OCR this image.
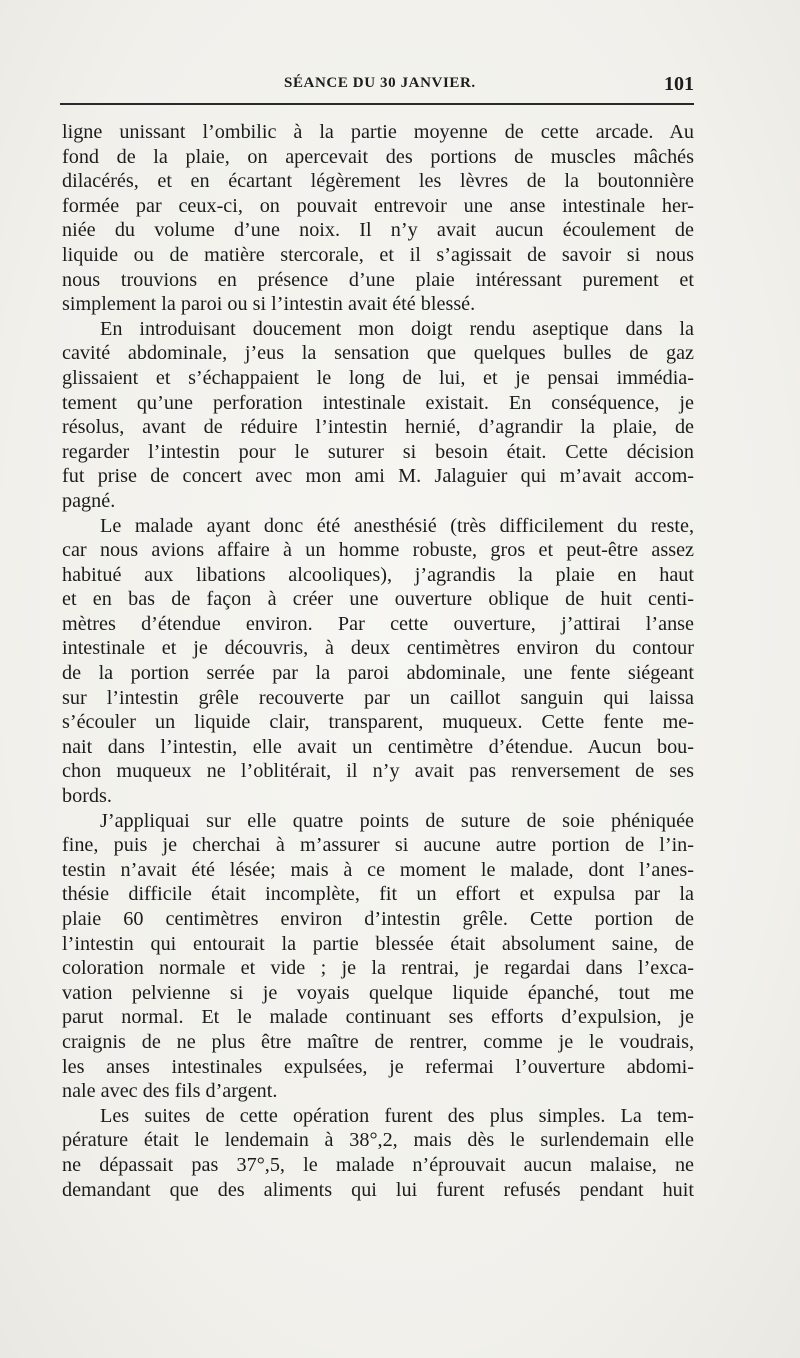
SÉANCE DU 30 JANVIER.	101
ligne unissant l’ombilic à la partie moyenne de cette arcade. Au
fond de la plaie, on apercevait des portions de muscles mâchés
dilacérés, et en écartant légèrement les lèvres de la boutonnière
formée par ceux-ci, on pouvait entrevoir une anse intestinale her-
niée du volume d’une noix. Il n’y avait aucun écoulement de
liquide ou de matière stercorale, et il s’agissait de savoir si nous
nous trouvions en présence d’une plaie intéressant purement et
simplement la paroi ou si l’intestin avait été blessé.
En introduisant doucement mon doigt rendu aseptique dans la
cavité abdominale, j’eus la sensation que quelques bulles de gaz
glissaient et s’échappaient le long de lui, et je pensai immédia-
tement qu’une perforation intestinale existait. En conséquence, je
résolus, avant de réduire l’intestin hernié, d’agrandir la plaie, de
regarder l’intestin pour le suturer si besoin était. Cette décision
fut prise de concert avec mon ami M. Jalaguier qui m’avait accom-
pagné.
Le malade ayant donc été anesthésié (très difficilement du reste,
car nous avions affaire à un homme robuste, gros et peut-être assez
habitué aux libations alcooliques), j’agrandis la plaie en haut
et en bas de façon à créer une ouverture oblique de huit centi-
mètres d’étendue environ. Par cette ouverture, j’attirai l’anse
intestinale et je découvris, à deux centimètres environ du contour
de la portion serrée par la paroi abdominale, une fente siégeant
sur l’intestin grêle recouverte par un caillot sanguin qui laissa
s’écouler un liquide clair, transparent, muqueux. Cette fente me-
nait dans l’intestin, elle avait un centimètre d’étendue. Aucun bou-
chon muqueux ne l’oblitérait, il n’y avait pas renversement de ses
bords.
J’appliquai sur elle quatre points de suture de soie phéniquée
fine, puis je cherchai à m’assurer si aucune autre portion de l’in-
testin n’avait été lésée; mais à ce moment le malade, dont l’anes-
thésie difficile était incomplète, fit un effort et expulsa par la
plaie 60 centimètres environ d’intestin grêle. Cette portion de
l’intestin qui entourait la partie blessée était absolument saine, de
coloration normale et vide ; je la rentrai, je regardai dans l’exca-
vation pelvienne si je voyais quelque liquide épanché, tout me
parut normal. Et le malade continuant ses efforts d’expulsion, je
craignis de ne plus être maître de rentrer, comme je le voudrais,
les anses intestinales expulsées, je refermai l’ouverture abdomi-
nale avec des fils d’argent.
Les suites de cette opération furent des plus simples. La tem-
pérature était le lendemain à 38°,2, mais dès le surlendemain elle
ne dépassait pas 37°,5, le malade n’éprouvait aucun malaise, ne
demandant que des aliments qui lui furent refusés pendant huit
